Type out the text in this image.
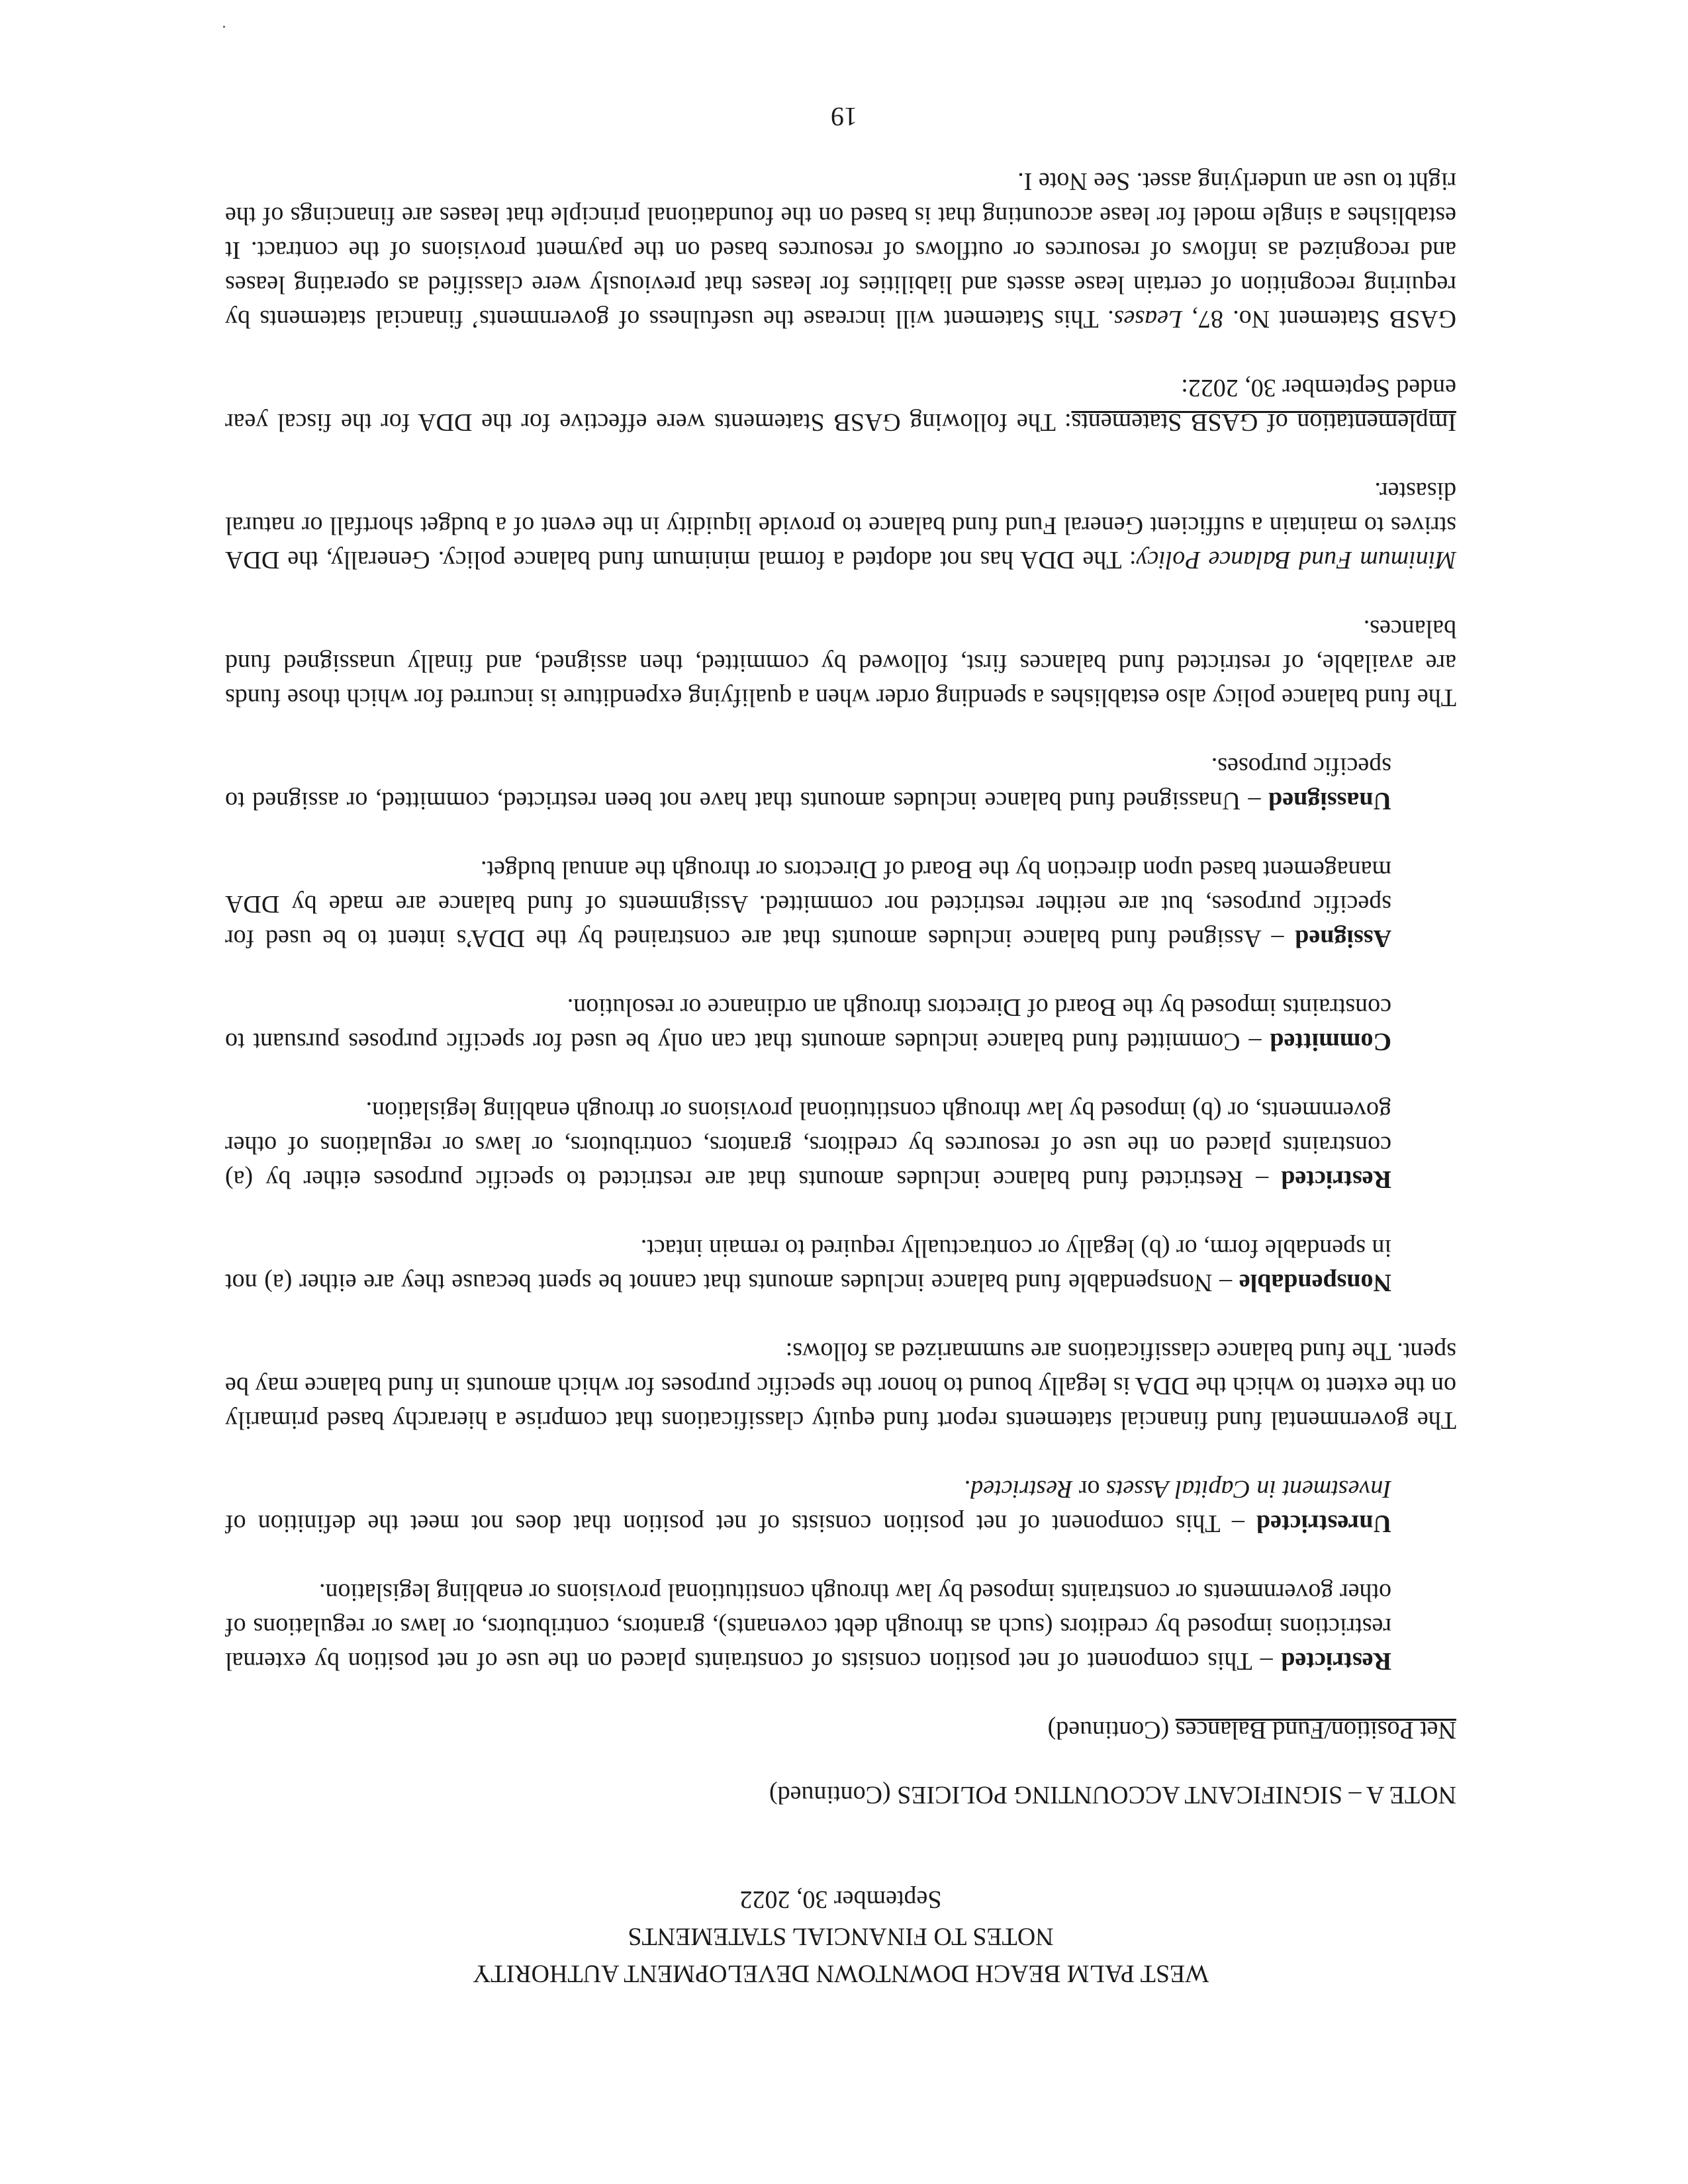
WEST PALM BEACH DOWNTOWN DEVELOPMENT AUTHORITY

NOTES TO FINANCIAL STATEMENTS

September 30, 2022

NOTE A – SIGNIFICANT ACCOUNTING POLICIES (Continued)

Net Position/Fund Balances (Continued)

Restricted – This component of net position consists of constraints placed on the use of net position by external restrictions imposed by creditors (such as through debt covenants), grantors, contributors, or laws or regulations of other governments or constraints imposed by law through constitutional provisions or enabling legislation.

Unrestricted – This component of net position consists of net position that does not meet the definition of Investment in Capital Assets or Restricted.

The governmental fund financial statements report fund equity classifications that comprise a hierarchy based primarily on the extent to which the DDA is legally bound to honor the specific purposes for which amounts in fund balance may be spent. The fund balance classifications are summarized as follows:

Nonspendable – Nonspendable fund balance includes amounts that cannot be spent because they are either (a) not in spendable form, or (b) legally or contractually required to remain intact.

Restricted – Restricted fund balance includes amounts that are restricted to specific purposes either by (a) constraints placed on the use of resources by creditors, grantors, contributors, or laws or regulations of other governments, or (b) imposed by law through constitutional provisions or through enabling legislation.

Committed – Committed fund balance includes amounts that can only be used for specific purposes pursuant to constraints imposed by the Board of Directors through an ordinance or resolution.

Assigned – Assigned fund balance includes amounts that are constrained by the DDA’s intent to be used for specific purposes, but are neither restricted nor committed. Assignments of fund balance are made by DDA management based upon direction by the Board of Directors or through the annual budget.

Unassigned – Unassigned fund balance includes amounts that have not been restricted, committed, or assigned to specific purposes.

The fund balance policy also establishes a spending order when a qualifying expenditure is incurred for which those funds are available, of restricted fund balances first, followed by committed, then assigned, and finally unassigned fund balances.

Minimum Fund Balance Policy: The DDA has not adopted a formal minimum fund balance policy. Generally, the DDA strives to maintain a sufficient General Fund fund balance to provide liquidity in the event of a budget shortfall or natural disaster.

Implementation of GASB Statements: The following GASB Statements were effective for the DDA for the fiscal year ended September 30, 2022:

GASB Statement No. 87, Leases. This Statement will increase the usefulness of governments’ financial statements by requiring recognition of certain lease assets and liabilities for leases that previously were classified as operating leases and recognized as inflows of resources or outflows of resources based on the payment provisions of the contract. It establishes a single model for lease accounting that is based on the foundational principle that leases are financings of the right to use an underlying asset. See Note I.

19
